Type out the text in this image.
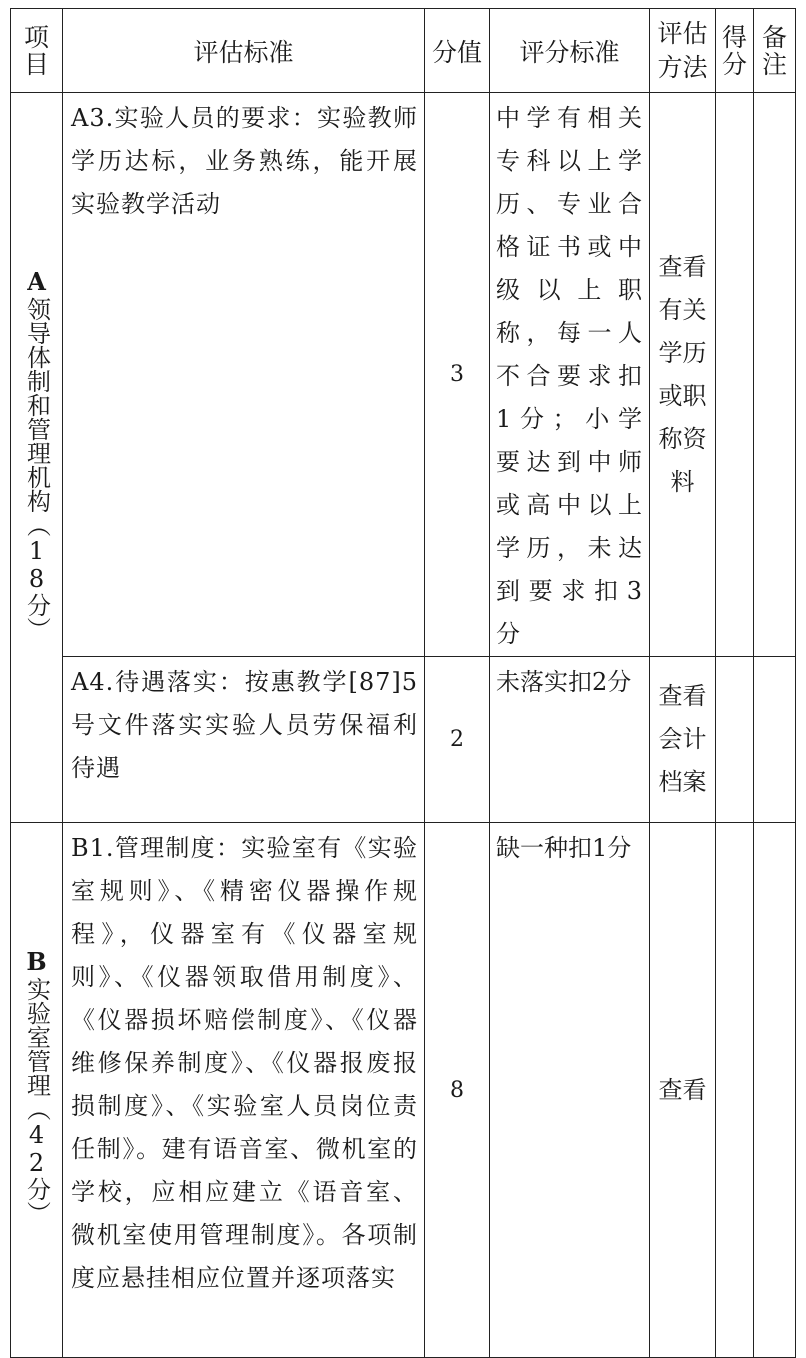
项目	评估标准	分值	评分标准	评估方法	得分	备注

A
领导体制和管理机构（18分）	A3.实验人员的要求：实验教师学历达标，业务熟练，能开展实验教学活动	3	中学有相关专科以上学历、专业合格证书或中级以上职称，每一人不合要求扣1分；小学要达到中师或高中以上学历，未达到要求扣3分	查看有关学历或职称资料		
	A4.待遇落实：按惠教学[87]5号文件落实实验人员劳保福利待遇	2	未落实扣2分	查看会计档案		

B
实验室管理（42分）	B1.管理制度：实验室有《实验室规则》、《精密仪器操作规程》，仪器室有《仪器室规则》、《仪器领取借用制度》、《仪器损坏赔偿制度》、《仪器维修保养制度》、《仪器报废报损制度》、《实验室人员岗位责任制》。建有语音室、微机室的学校，应相应建立《语音室、微机室使用管理制度》。各项制度应悬挂相应位置并逐项落实	8	缺一种扣1分	查看		
